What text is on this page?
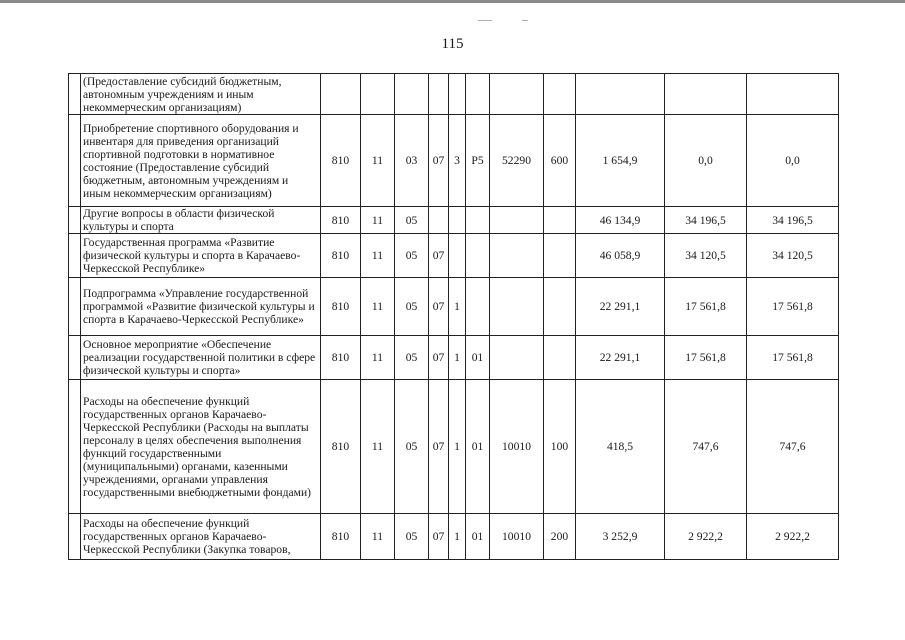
115
	(Предоставление субсидий бюджетным, автономным учреждениям и иным некоммерческим организациям)											
	Приобретение спортивного оборудования и инвентаря для приведения организаций спортивной подготовки в нормативное состояние (Предоставление субсидий бюджетным, автономным учреждениям и иным некоммерческим организациям)	810	11	03	07	3	P5	52290	600	1 654,9	0,0	0,0
	Другие вопросы в области физической культуры и спорта	810	11	05						46 134,9	34 196,5	34 196,5
	Государственная программа «Развитие физической культуры и спорта в Карачаево-Черкесской Республике»	810	11	05	07					46 058,9	34 120,5	34 120,5
	Подпрограмма «Управление государственной программой «Развитие физической культуры и спорта в Карачаево-Черкесской Республике»	810	11	05	07	1				22 291,1	17 561,8	17 561,8
	Основное мероприятие «Обеспечение реализации государственной политики в сфере физической культуры и спорта»	810	11	05	07	1	01			22 291,1	17 561,8	17 561,8
	Расходы на обеспечение функций государственных органов Карачаево-Черкесской Республики (Расходы на выплаты персоналу в целях обеспечения выполнения функций государственными (муниципальными) органами, казенными учреждениями, органами управления государственными внебюджетными фондами)	810	11	05	07	1	01	10010	100	418,5	747,6	747,6
	Расходы на обеспечение функций государственных органов Карачаево-Черкесской Республики (Закупка товаров,	810	11	05	07	1	01	10010	200	3 252,9	2 922,2	2 922,2
